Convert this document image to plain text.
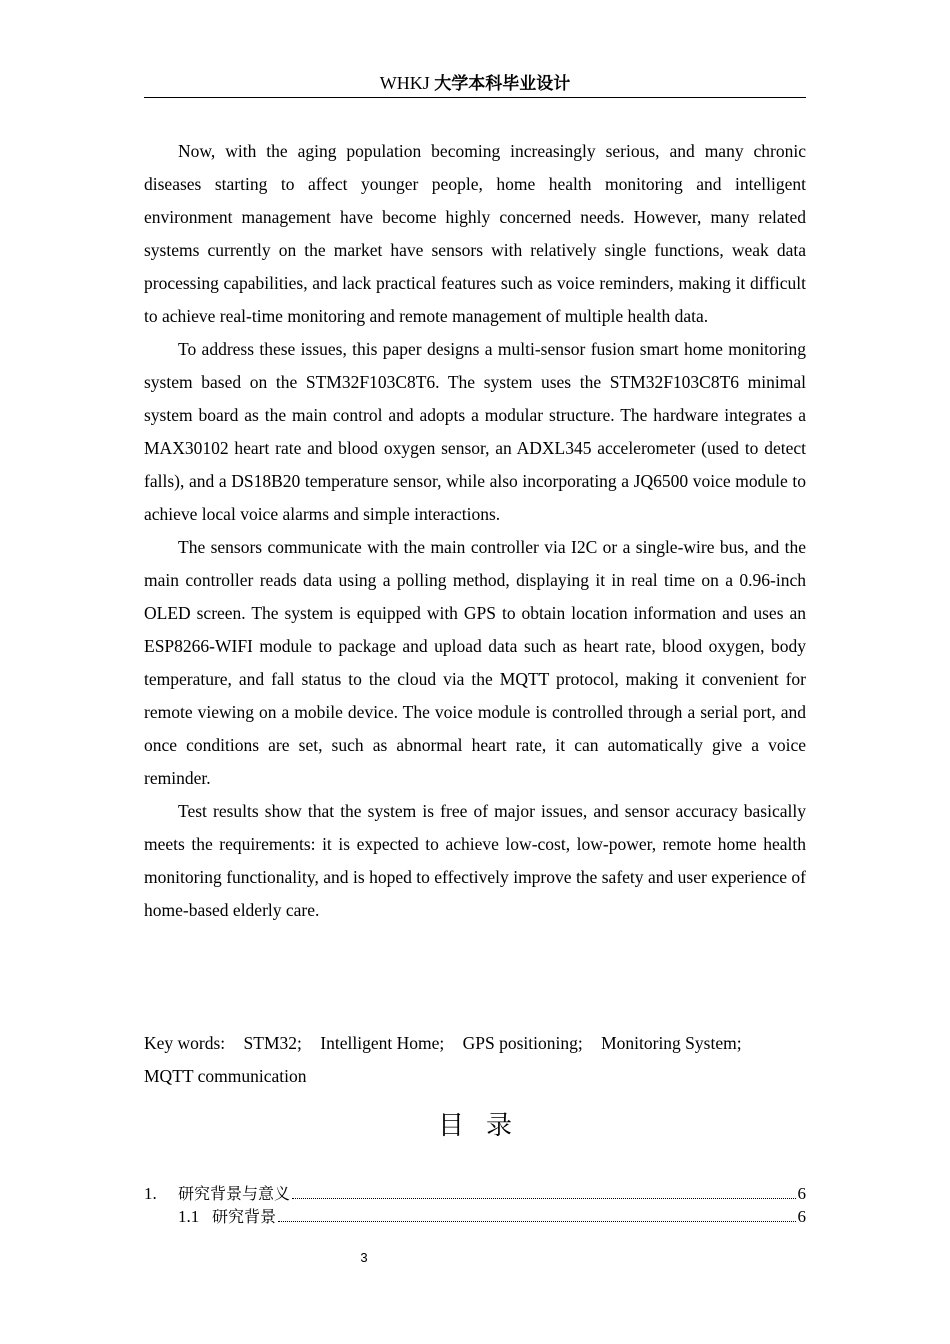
WHKJ 大学本科毕业设计

Now, with the aging population becoming increasingly serious, and many chronic diseases starting to affect younger people, home health monitoring and intelligent environment management have become highly concerned needs. However, many related systems currently on the market have sensors with relatively single functions, weak data processing capabilities, and lack practical features such as voice reminders, making it difficult to achieve real-time monitoring and remote management of multiple health data.

To address these issues, this paper designs a multi-sensor fusion smart home monitoring system based on the STM32F103C8T6. The system uses the STM32F103C8T6 minimal system board as the main control and adopts a modular structure. The hardware integrates a MAX30102 heart rate and blood oxygen sensor, an ADXL345 accelerometer (used to detect falls), and a DS18B20 temperature sensor, while also incorporating a JQ6500 voice module to achieve local voice alarms and simple interactions.

The sensors communicate with the main controller via I2C or a single-wire bus, and the main controller reads data using a polling method, displaying it in real time on a 0.96-inch OLED screen. The system is equipped with GPS to obtain location information and uses an ESP8266-WIFI module to package and upload data such as heart rate, blood oxygen, body temperature, and fall status to the cloud via the MQTT protocol, making it convenient for remote viewing on a mobile device. The voice module is controlled through a serial port, and once conditions are set, such as abnormal heart rate, it can automatically give a voice reminder.

Test results show that the system is free of major issues, and sensor accuracy basically meets the requirements: it is expected to achieve low-cost, low-power, remote home health monitoring functionality, and is hoped to effectively improve the safety and user experience of home-based elderly care.

Key words: STM32; Intelligent Home; GPS positioning; Monitoring System;
MQTT communication
目录
1.	研究背景与意义	6
1.1 研究背景	6
3
